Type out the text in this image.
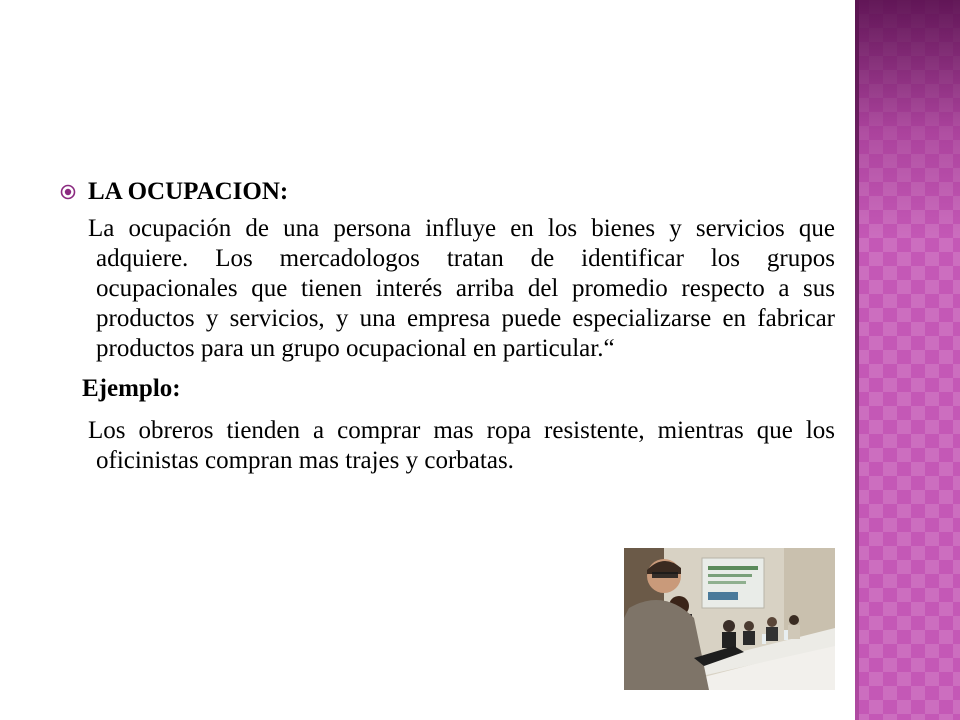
LA OCUPACION:

La ocupación de una persona influye en los bienes y servicios que adquiere. Los mercadologos tratan de identificar los grupos ocupacionales que tienen interés arriba del promedio respecto a sus productos y servicios, y una empresa puede especializarse en fabricar productos para un grupo ocupacional en particular.“

Ejemplo:

Los obreros tienden a comprar mas ropa resistente, mientras que los oficinistas compran mas trajes y corbatas.
